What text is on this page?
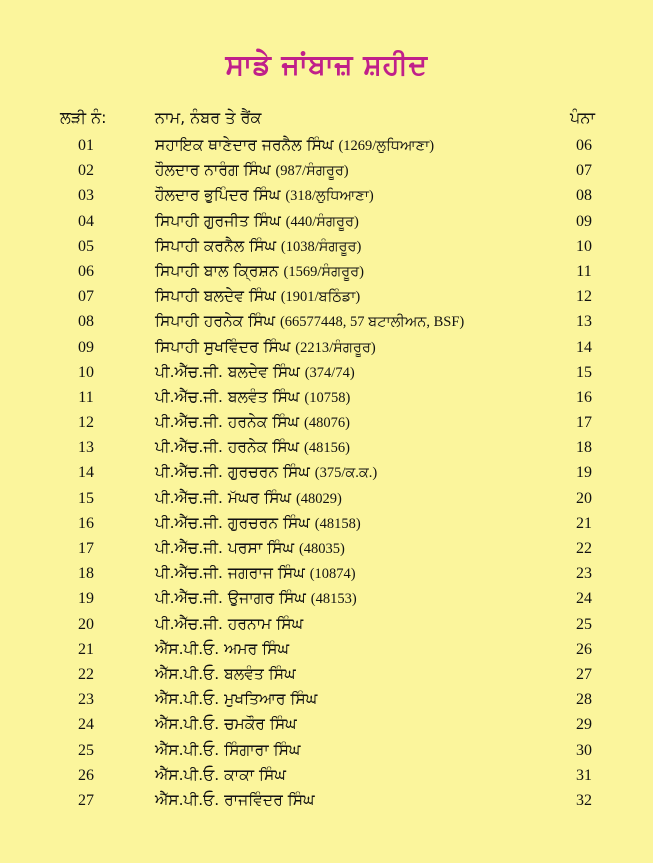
ਸਾਡੇ ਜਾਂਬਾਜ਼ ਸ਼ਹੀਦ
ਲੜੀ ਨੰ:	ਨਾਮ, ਨੰਬਰ ਤੇ ਰੈਂਕ	ਪੰਨਾ
01	ਸਹਾਇਕ ਥਾਣੇਦਾਰ ਜਰਨੈਲ ਸਿੰਘ (1269/ਲੁਧਿਆਣਾ)	06
02	ਹੌਲਦਾਰ ਨਾਰੰਗ ਸਿੰਘ (987/ਸੰਗਰੂਰ)	07
03	ਹੌਲਦਾਰ ਭੁਪਿੰਦਰ ਸਿੰਘ (318/ਲੁਧਿਆਣਾ)	08
04	ਸਿਪਾਹੀ ਗੁਰਜੀਤ ਸਿੰਘ (440/ਸੰਗਰੂਰ)	09
05	ਸਿਪਾਹੀ ਕਰਨੈਲ ਸਿੰਘ (1038/ਸੰਗਰੂਰ)	10
06	ਸਿਪਾਹੀ ਬਾਲ ਕ੍ਰਿਸ਼ਨ (1569/ਸੰਗਰੂਰ)	11
07	ਸਿਪਾਹੀ ਬਲਦੇਵ ਸਿੰਘ (1901/ਬਠਿੰਡਾ)	12
08	ਸਿਪਾਹੀ ਹਰਨੇਕ ਸਿੰਘ (66577448, 57 ਬਟਾਲੀਅਨ, BSF)	13
09	ਸਿਪਾਹੀ ਸੁਖਵਿੰਦਰ ਸਿੰਘ (2213/ਸੰਗਰੂਰ)	14
10	ਪੀ.ਐੱਚ.ਜੀ. ਬਲਦੇਵ ਸਿੰਘ (374/74)	15
11	ਪੀ.ਐੱਚ.ਜੀ. ਬਲਵੰਤ ਸਿੰਘ (10758)	16
12	ਪੀ.ਐੱਚ.ਜੀ. ਹਰਨੇਕ ਸਿੰਘ (48076)	17
13	ਪੀ.ਐੱਚ.ਜੀ. ਹਰਨੇਕ ਸਿੰਘ (48156)	18
14	ਪੀ.ਐੱਚ.ਜੀ. ਗੁਰਚਰਨ ਸਿੰਘ (375/ਕ.ਕ.)	19
15	ਪੀ.ਐੱਚ.ਜੀ. ਮੱਘਰ ਸਿੰਘ (48029)	20
16	ਪੀ.ਐੱਚ.ਜੀ. ਗੁਰਚਰਨ ਸਿੰਘ (48158)	21
17	ਪੀ.ਐੱਚ.ਜੀ. ਪਰਸਾ ਸਿੰਘ (48035)	22
18	ਪੀ.ਐੱਚ.ਜੀ. ਜਗਰਾਜ ਸਿੰਘ (10874)	23
19	ਪੀ.ਐੱਚ.ਜੀ. ਉਜਾਗਰ ਸਿੰਘ (48153)	24
20	ਪੀ.ਐੱਚ.ਜੀ. ਹਰਨਾਮ ਸਿੰਘ	25
21	ਐੱਸ.ਪੀ.ਓ. ਅਮਰ ਸਿੰਘ	26
22	ਐੱਸ.ਪੀ.ਓ. ਬਲਵੰਤ ਸਿੰਘ	27
23	ਐੱਸ.ਪੀ.ਓ. ਮੁਖਤਿਆਰ ਸਿੰਘ	28
24	ਐੱਸ.ਪੀ.ਓ. ਚਮਕੌਰ ਸਿੰਘ	29
25	ਐੱਸ.ਪੀ.ਓ. ਸਿੰਗਾਰਾ ਸਿੰਘ	30
26	ਐੱਸ.ਪੀ.ਓ. ਕਾਕਾ ਸਿੰਘ	31
27	ਐੱਸ.ਪੀ.ਓ. ਰਾਜਵਿੰਦਰ ਸਿੰਘ	32
